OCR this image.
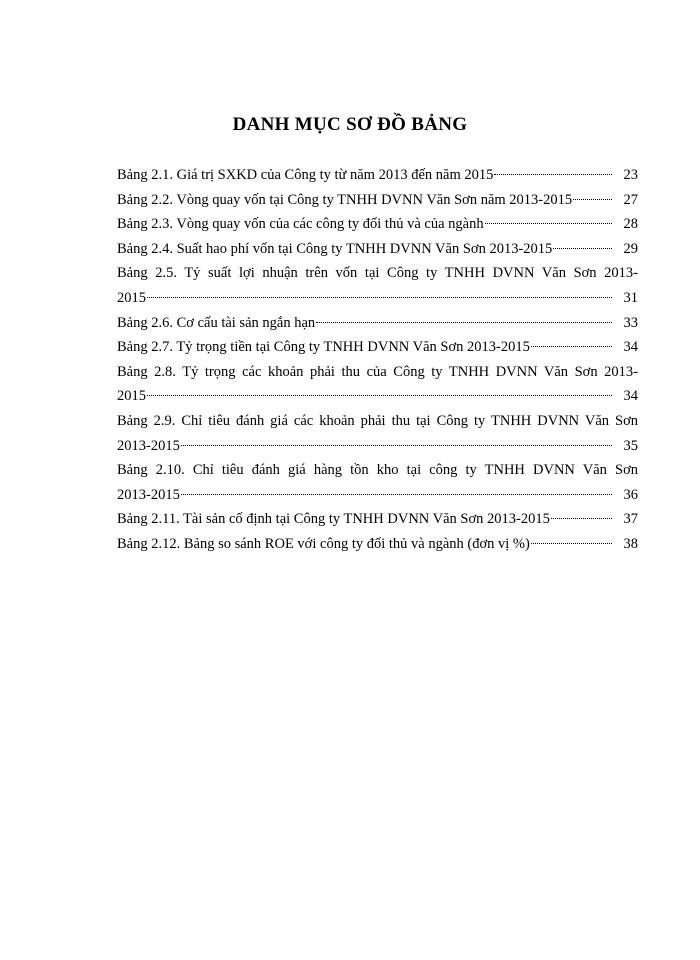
DANH MỤC SƠ ĐỒ BẢNG
Bảng 2.1. Giá trị SXKD của Công ty từ năm 2013 đến năm 2015	23
Bảng 2.2. Vòng quay vốn tại Công ty TNHH DVNN Văn Sơn năm 2013-2015	27
Bảng 2.3. Vòng quay vốn của các công ty đối thủ và của ngành	28
Bảng 2.4. Suất hao phí vốn tại Công ty TNHH DVNN Văn Sơn 2013-2015	29
Bảng 2.5. Tỷ suất lợi nhuận trên vốn tại Công ty TNHH DVNN Văn Sơn 2013-
2015	31
Bảng 2.6. Cơ cấu tài sản ngắn hạn	33
Bảng 2.7. Tỷ trọng tiền tại Công ty TNHH DVNN Văn Sơn 2013-2015	34
Bảng 2.8. Tỷ trọng các khoản phải thu của Công ty TNHH DVNN Văn Sơn 2013-
2015	34
Bảng 2.9. Chỉ tiêu đánh giá các khoản phải thu tại Công ty TNHH DVNN Văn Sơn
2013-2015	35
Bảng 2.10. Chỉ tiêu đánh giá hàng tồn kho tại công ty TNHH DVNN Văn Sơn
2013-2015	36
Bảng 2.11. Tài sản cố định tại Công ty TNHH DVNN Văn Sơn 2013-2015	37
Bảng 2.12. Bảng so sánh ROE với công ty đối thủ và ngành (đơn vị %)	38
